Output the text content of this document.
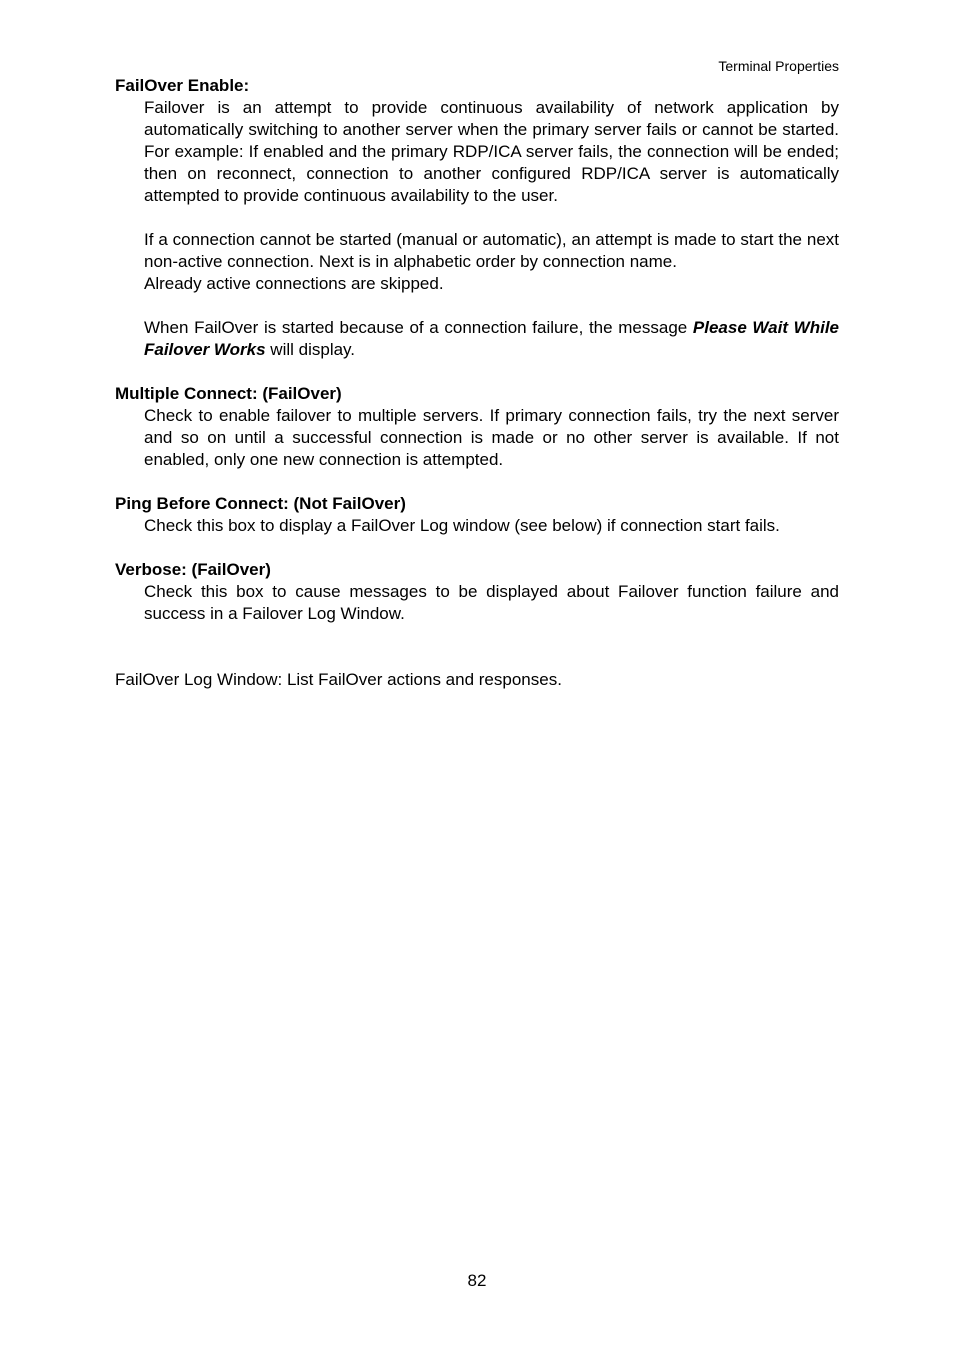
Terminal Properties
FailOver Enable:

Failover is an attempt to provide continuous availability of network application by automatically switching to another server when the primary server fails or cannot be started. For example: If enabled and the primary RDP/ICA server fails, the connection will be ended; then on reconnect, connection to another configured RDP/ICA server is automatically attempted to provide continuous availability to the user.

If a connection cannot be started (manual or automatic), an attempt is made to start the next non-active connection. Next is in alphabetic order by connection name.

Already active connections are skipped.

When FailOver is started because of a connection failure, the message Please Wait While Failover Works will display.

Multiple Connect: (FailOver)

Check to enable failover to multiple servers. If primary connection fails, try the next server and so on until a successful connection is made or no other server is available. If not enabled, only one new connection is attempted.

Ping Before Connect: (Not FailOver)

Check this box to display a FailOver Log window (see below) if connection start fails.

Verbose: (FailOver)

Check this box to cause messages to be displayed about Failover function failure and success in a Failover Log Window.

FailOver Log Window: List FailOver actions and responses.

82
